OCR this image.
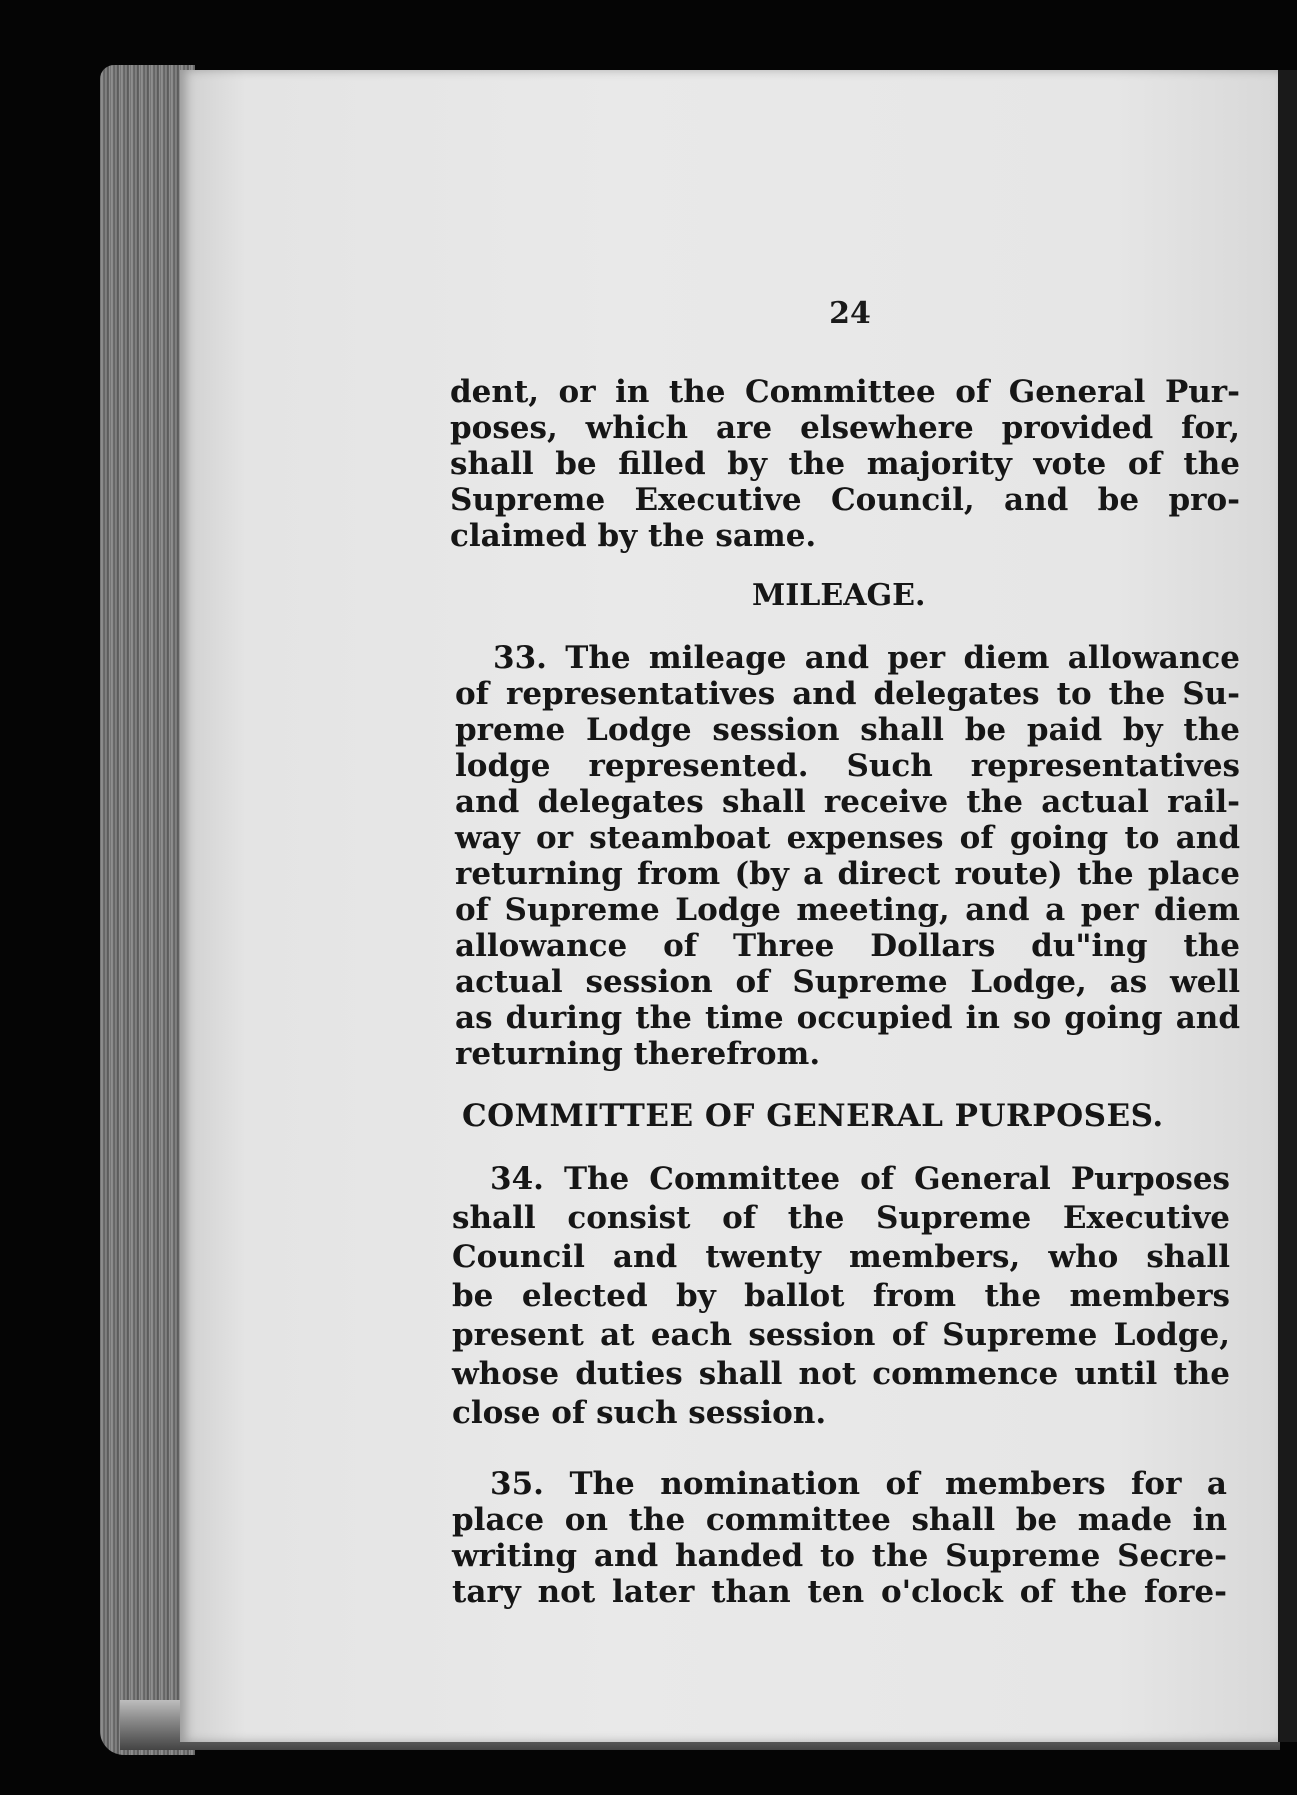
24
dent, or in the Committee of General Pur-
poses, which are elsewhere provided for,
shall be filled by the majority vote of the
Supreme Executive Council, and be pro-
claimed by the same.
MILEAGE.
33. The mileage and per diem allowance
of representatives and delegates to the Su-
preme Lodge session shall be paid by the
lodge represented. Such representatives
and delegates shall receive the actual rail-
way or steamboat expenses of going to and
returning from (by a direct route) the place
of Supreme Lodge meeting, and a per diem
allowance of Three Dollars du"ing the
actual session of Supreme Lodge, as well
as during the time occupied in so going and
returning therefrom.
COMMITTEE OF GENERAL PURPOSES.
34. The Committee of General Purposes
shall consist of the Supreme Executive
Council and twenty members, who shall
be elected by ballot from the members
present at each session of Supreme Lodge,
whose duties shall not commence until the
close of such session.
35. The nomination of members for a
place on the committee shall be made in
writing and handed to the Supreme Secre-
tary not later than ten o'clock of the fore-
